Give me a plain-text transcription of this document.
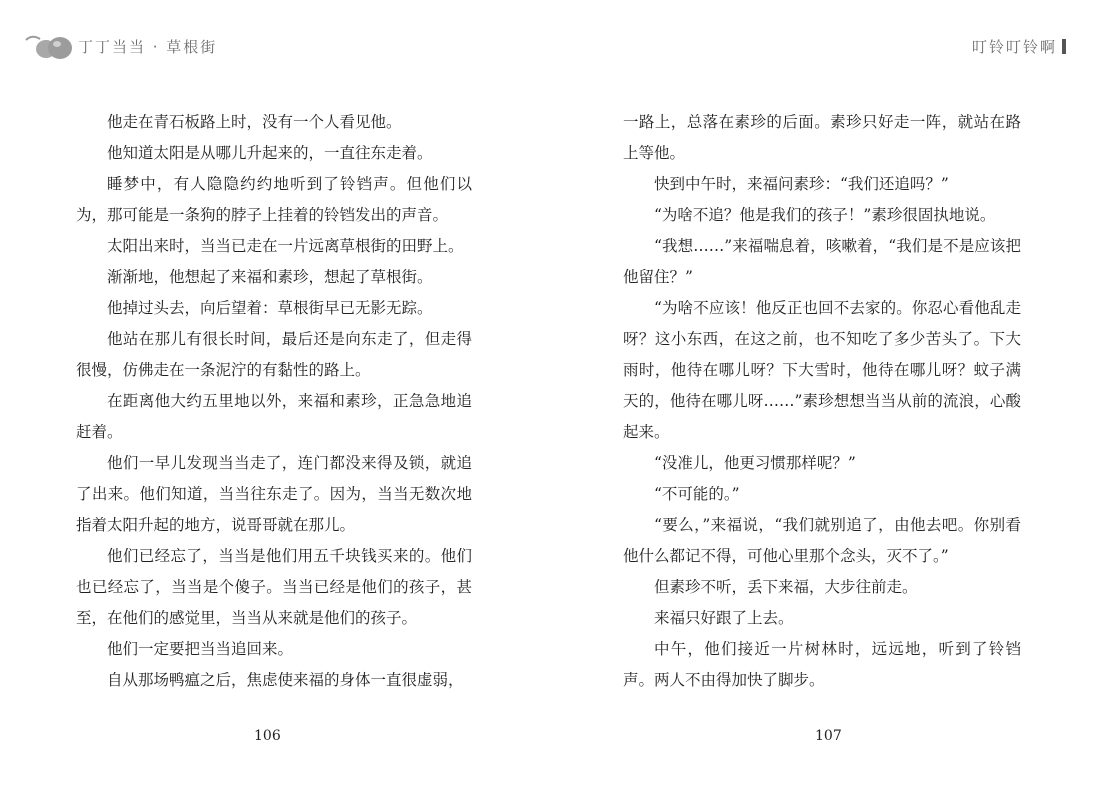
丁丁当当 · 草根街	叮铃叮铃啊

他走在青石板路上时，没有一个人看见他。

他知道太阳是从哪儿升起来的，一直往东走着。

睡梦中，有人隐隐约约地听到了铃铛声。但他们以为，那可能是一条狗的脖子上挂着的铃铛发出的声音。

太阳出来时，当当已走在一片远离草根街的田野上。

渐渐地，他想起了来福和素珍，想起了草根街。

他掉过头去，向后望着：草根街早已无影无踪。

他站在那儿有很长时间，最后还是向东走了，但走得很慢，仿佛走在一条泥泞的有黏性的路上。

在距离他大约五里地以外，来福和素珍，正急急地追赶着。

他们一早儿发现当当走了，连门都没来得及锁，就追了出来。他们知道，当当往东走了。因为，当当无数次地指着太阳升起的地方，说哥哥就在那儿。

他们已经忘了，当当是他们用五千块钱买来的。他们也已经忘了，当当是个傻子。当当已经是他们的孩子，甚至，在他们的感觉里，当当从来就是他们的孩子。

他们一定要把当当追回来。

自从那场鸭瘟之后，焦虑使来福的身体一直很虚弱，

一路上，总落在素珍的后面。素珍只好走一阵，就站在路上等他。

快到中午时，来福问素珍：“我们还追吗？”

“为啥不追？他是我们的孩子！”素珍很固执地说。

“我想……”来福喘息着，咳嗽着，“我们是不是应该把他留住？”

“为啥不应该！他反正也回不去家的。你忍心看他乱走呀？这小东西，在这之前，也不知吃了多少苦头了。下大雨时，他待在哪儿呀？下大雪时，他待在哪儿呀？蚊子满天的，他待在哪儿呀……”素珍想想当当从前的流浪，心酸起来。

“没准儿，他更习惯那样呢？”

“不可能的。”

“要么，”来福说，“我们就别追了，由他去吧。你别看他什么都记不得，可他心里那个念头，灭不了。”

但素珍不听，丢下来福，大步往前走。

来福只好跟了上去。

中午，他们接近一片树林时，远远地，听到了铃铛声。两人不由得加快了脚步。

106	107
